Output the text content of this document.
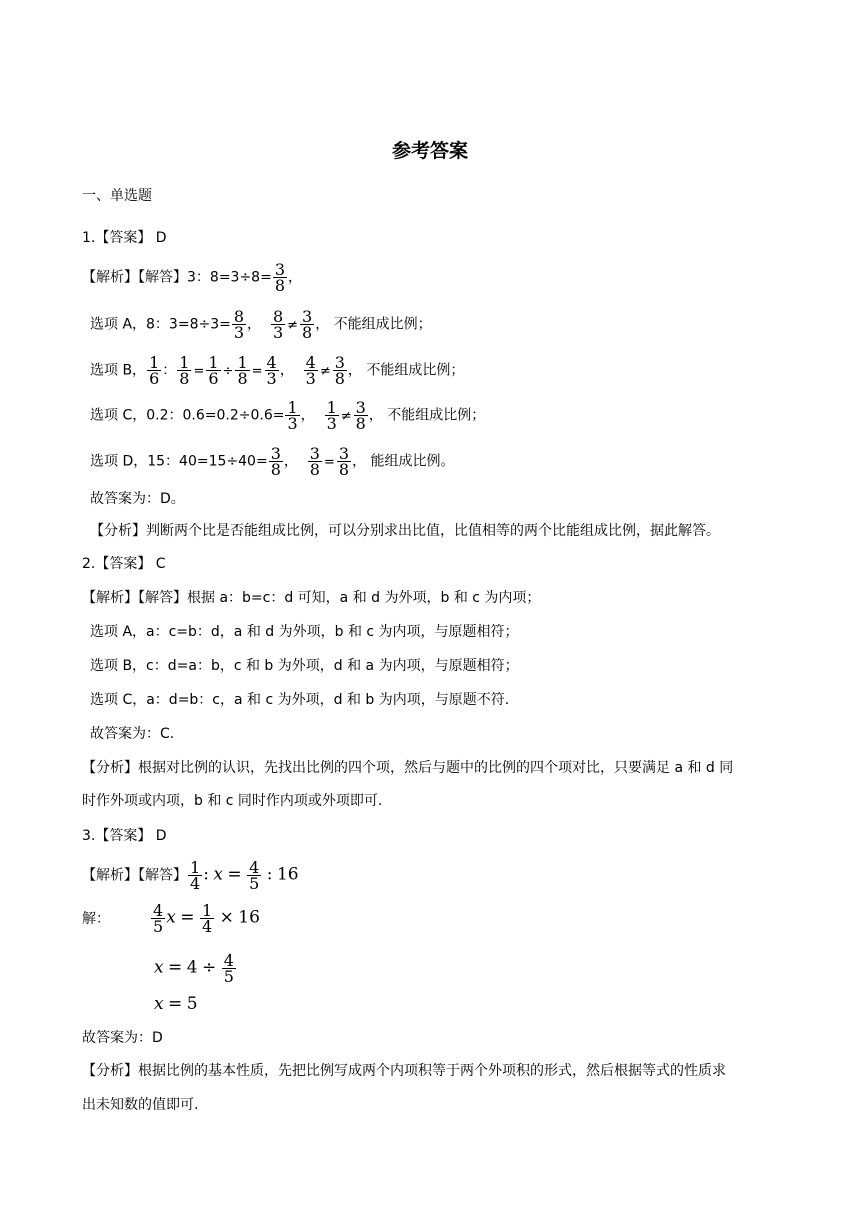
参考答案
一、单选题
1.【答案】 D
【解析】【解答】3：$8=3\div 8= \frac{3}{8}$ ，
选项 A，8：$3=8\div 3= \frac{8}{3}$ ， $\frac{8}{3} \ne \frac{3}{8}$ ， 不能组成比例；
选项 B， $\frac{1}{6}$ ： $\frac{1}{8} = \frac{1}{6} \div \frac{1}{8} = \frac{4}{3}$ ， $\frac{4}{3} \ne \frac{3}{8}$ ， 不能组成比例；
选项 C，0.2：$0.6=0.2\div 0.6= \frac{1}{3}$ ， $\frac{1}{3} \ne \frac{3}{8}$ ， 不能组成比例；
选项 D，15：$40=15\div 40= \frac{3}{8}$ ， $\frac{3}{8} = \frac{3}{8}$ ， 能组成比例。
故答案为：D。
【分析】判断两个比是否能组成比例，可以分别求出比值，比值相等的两个比能组成比例，据此解答。
2.【答案】 C
【解析】【解答】根据 a：b=c：d 可知，a 和 d 为外项，b 和 c 为内项；
选项 A，a：c=b：d，a 和 d 为外项，b 和 c 为内项，与原题相符；
选项 B，c：d=a：b，c 和 b 为外项，d 和 a 为内项，与原题相符；
选项 C，a：d=b：c，a 和 c 为外项，d 和 b 为内项，与原题不符.
故答案为：C.
【分析】根据对比例的认识，先找出比例的四个项，然后与题中的比例的四个项对比，只要满足 a 和 d 同
时作外项或内项，b 和 c 同时作内项或外项即可.
3.【答案】 D
【解析】【解答】 $\frac{1}{4}$ : $x = \frac{4}{5}$ : 16
解：	$\frac{4}{5}$ $x = \frac{1}{4} \times 16$
$x = 4 \div \frac{4}{5}$
x = 5
故答案为：D
【分析】根据比例的基本性质，先把比例写成两个内项积等于两个外项积的形式，然后根据等式的性质求
出未知数的值即可.
